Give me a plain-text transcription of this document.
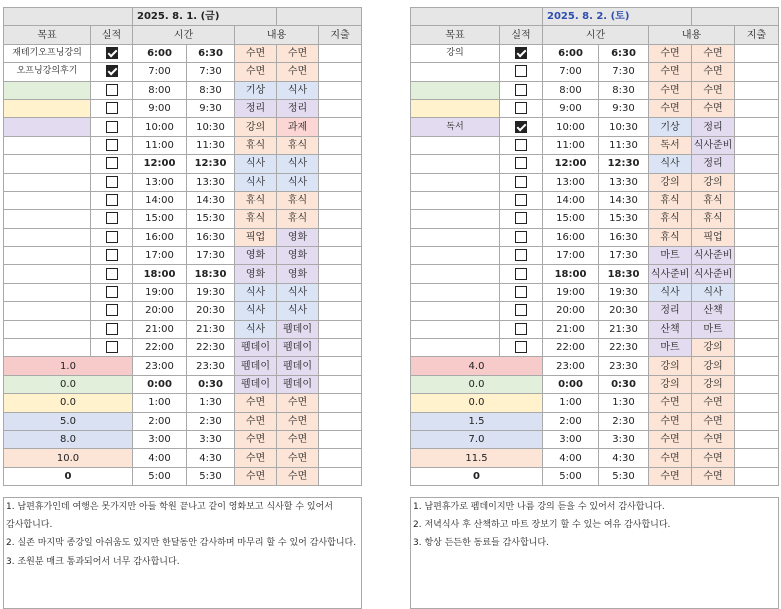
		2025. 8. 1. (금)				
목표	실적	시간		내용		지출
재테기오프닝강의		6:00	6:30	수면	수면	
오프닝강의후기		7:00	7:30	수면	수면	
		8:00	8:30	기상	식사	
		9:00	9:30	정리	정리	
		10:00	10:30	강의	과제	
		11:00	11:30	휴식	휴식	
		12:00	12:30	식사	식사	
		13:00	13:30	식사	식사	
		14:00	14:30	휴식	휴식	
		15:00	15:30	휴식	휴식	
		16:00	16:30	픽업	영화	
		17:00	17:30	영화	영화	
		18:00	18:30	영화	영화	
		19:00	19:30	식사	식사	
		20:00	20:30	식사	식사	
		21:00	21:30	식사	펨데이	
		22:00	22:30	펨데이	펨데이	
1.0		23:00	23:30	펨데이	펨데이	
0.0		0:00	0:30	펨데이	펨데이	
0.0		1:00	1:30	수면	수면	
5.0		2:00	2:30	수면	수면	
8.0		3:00	3:30	수면	수면	
10.0		4:00	4:30	수면	수면	
0		5:00	5:30	수면	수면	

1. 남편휴가인데 여행은 못가지만 아들 학원 끝나고 같이 영화보고 식사할 수 있어서						
감사합니다.						
2. 실존 마지막 종강일 아쉬움도 있지만 한달동안 감사하며 마무리 할 수 있어 감사합니다.						
3. 조원분 매크 통과되어서 너무 감사합니다.						

		2025. 8. 2. (토)				
목표	실적	시간		내용		지출
강의		6:00	6:30	수면	수면	
		7:00	7:30	수면	수면	
		8:00	8:30	수면	수면	
		9:00	9:30	수면	수면	
독서		10:00	10:30	기상	정리	
		11:00	11:30	독서	식사준비	
		12:00	12:30	식사	정리	
		13:00	13:30	강의	강의	
		14:00	14:30	휴식	휴식	
		15:00	15:30	휴식	휴식	
		16:00	16:30	휴식	픽업	
		17:00	17:30	마트	식사준비	
		18:00	18:30	식사준비	식사준비	
		19:00	19:30	식사	식사	
		20:00	20:30	정리	산책	
		21:00	21:30	산책	마트	
		22:00	22:30	마트	강의	
4.0		23:00	23:30	강의	강의	
0.0		0:00	0:30	강의	강의	
0.0		1:00	1:30	수면	수면	
1.5		2:00	2:30	수면	수면	
7.0		3:00	3:30	수면	수면	
11.5		4:00	4:30	수면	수면	
0		5:00	5:30	수면	수면	

1. 남편휴가로 펨데이지만 나름 강의 듣을 수 있어서 감사합니다.						
2. 저녁식사 후 산책하고 마트 장보기 할 수 있는 여유 감사합니다.						
3. 항상 든든한 동료들 감사합니다.						
